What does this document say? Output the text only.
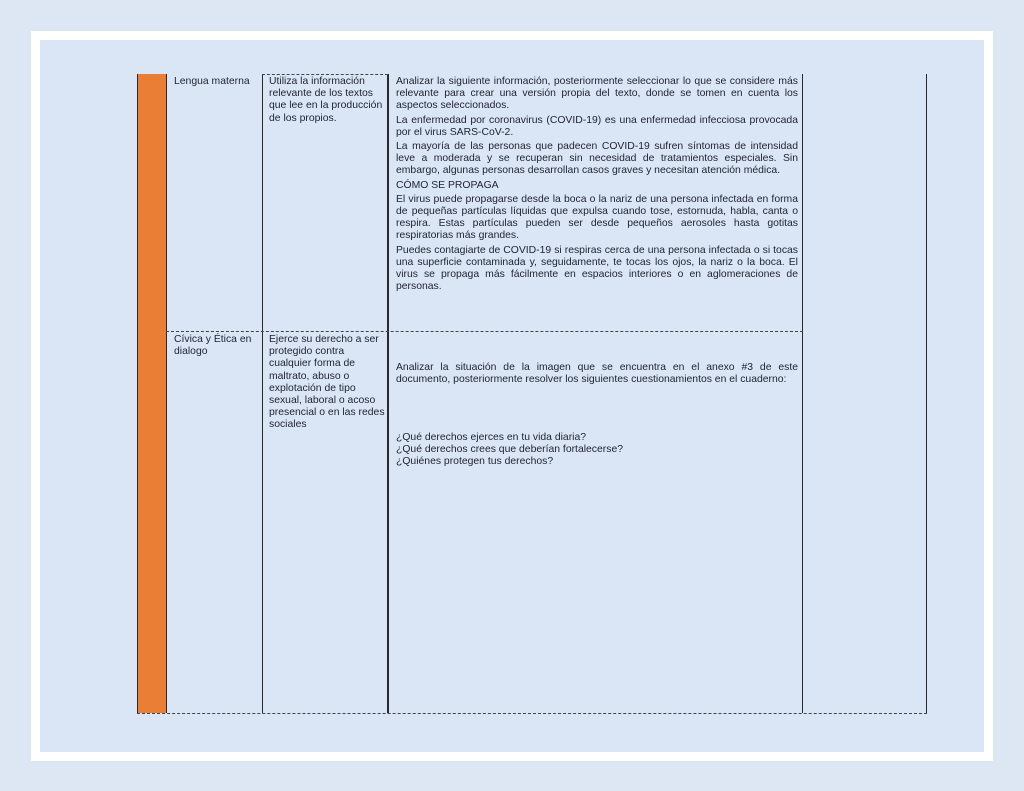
Lengua materna	Utiliza la información relevante de los textos que lee en la producción de los propios.

Analizar la siguiente información, posteriormente seleccionar lo que se considere más relevante para crear una versión propia del texto, donde se tomen en cuenta los aspectos seleccionados.

La enfermedad por coronavirus (COVID-19) es una enfermedad infecciosa provocada por el virus SARS-CoV-2.

La mayoría de las personas que padecen COVID-19 sufren síntomas de intensidad leve a moderada y se recuperan sin necesidad de tratamientos especiales. Sin embargo, algunas personas desarrollan casos graves y necesitan atención médica.

CÓMO SE PROPAGA

El virus puede propagarse desde la boca o la nariz de una persona infectada en forma de pequeñas partículas líquidas que expulsa cuando tose, estornuda, habla, canta o respira. Estas partículas pueden ser desde pequeños aerosoles hasta gotitas respiratorias más grandes.

Puedes contagiarte de COVID-19 si respiras cerca de una persona infectada o si tocas una superficie contaminada y, seguidamente, te tocas los ojos, la nariz o la boca. El virus se propaga más fácilmente en espacios interiores o en aglomeraciones de personas.

Cívica y Ética en dialogo
Ejerce su derecho a ser protegido contra cualquier forma de maltrato, abuso o explotación de tipo sexual, laboral o acoso presencial o en las redes sociales

Analizar la situación de la imagen que se encuentra en el anexo #3 de este documento, posteriormente resolver los siguientes cuestionamientos en el cuaderno:

¿Qué derechos ejerces en tu vida diaria?

¿Qué derechos crees que deberían fortalecerse?

¿Quiénes protegen tus derechos?
